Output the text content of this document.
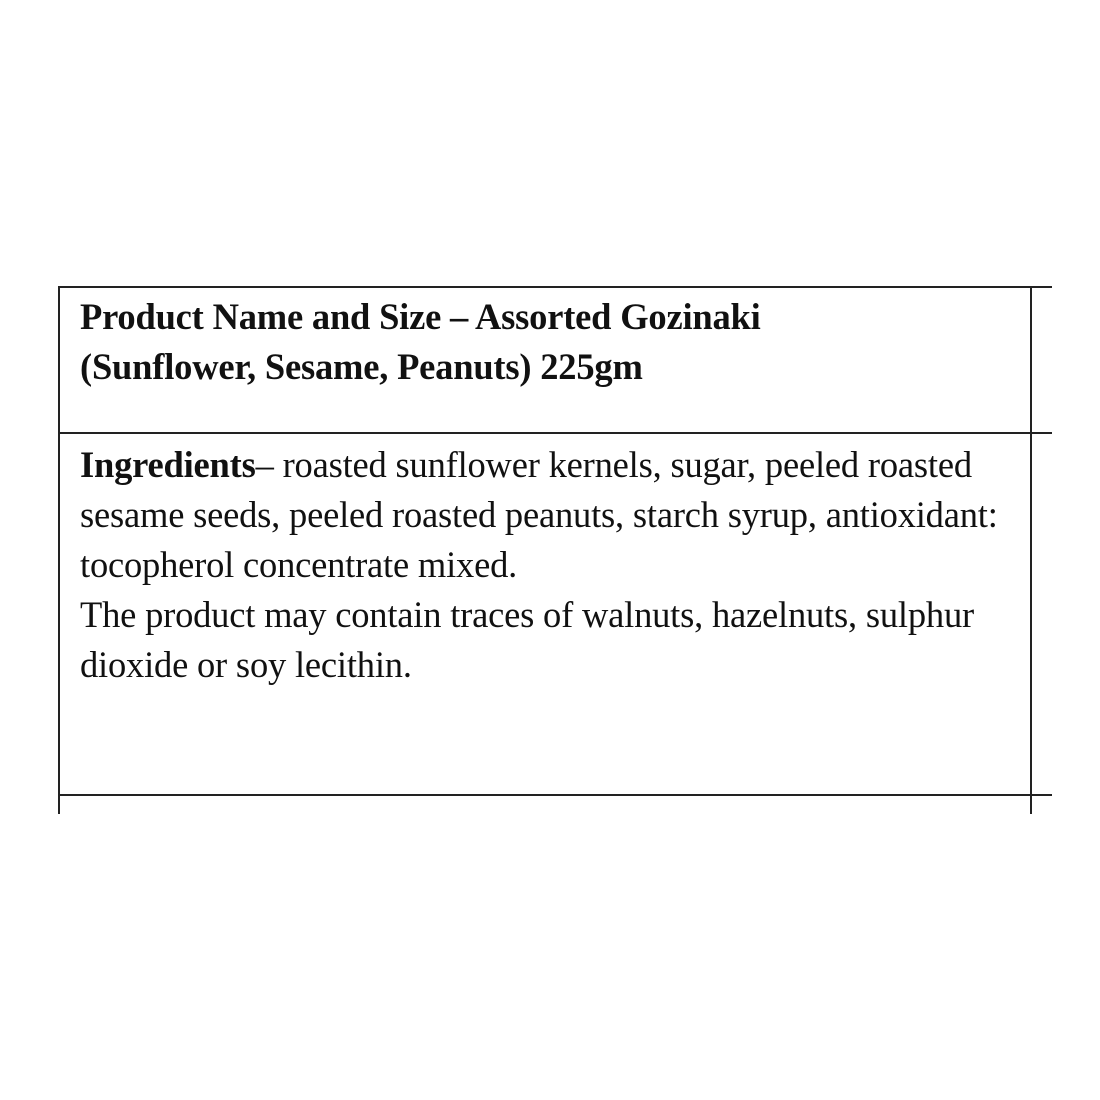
Product Name and Size – Assorted Gozinaki
(Sunflower, Sesame, Peanuts) 225gm
Ingredients– roasted sunflower kernels, sugar, peeled roasted sesame seeds, peeled roasted peanuts, starch syrup, antioxidant: tocopherol concentrate mixed.
The product may contain traces of walnuts, hazelnuts, sulphur dioxide or soy lecithin.
